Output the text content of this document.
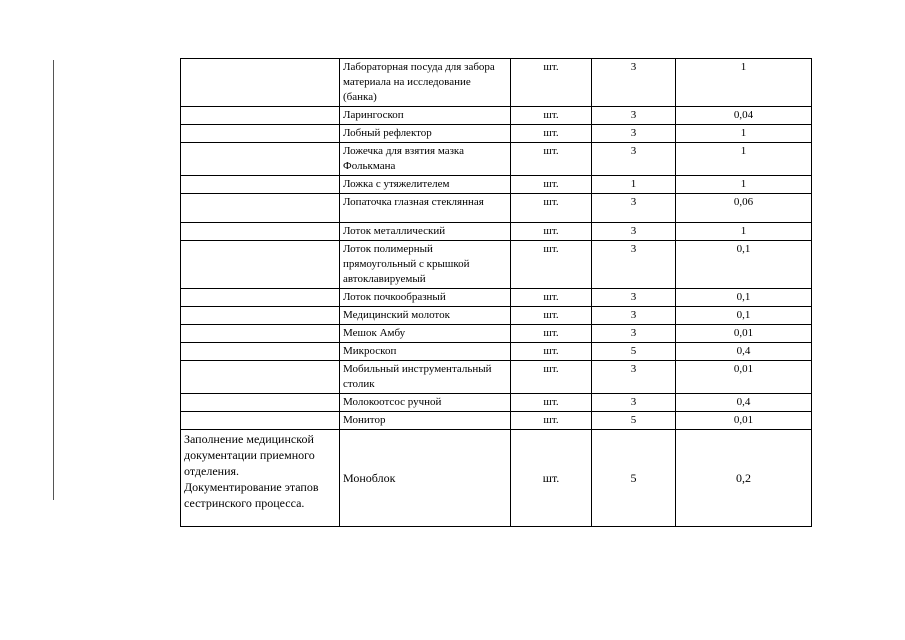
	Лабораторная посуда для забора материала на исследование (банка)	шт.	3	1
	Ларингоскоп	шт.	3	0,04
	Лобный рефлектор	шт.	3	1
	Ложечка для взятия мазка Фолькмана	шт.	3	1
	Ложка с утяжелителем	шт.	1	1
	Лопаточка глазная стеклянная	шт.	3	0,06
	Лоток металлический	шт.	3	1
	Лоток полимерный прямоугольный с крышкой автоклавируемый	шт.	3	0,1
	Лоток почкообразный	шт.	3	0,1
	Медицинский молоток	шт.	3	0,1
	Мешок Амбу	шт.	3	0,01
	Микроскоп	шт.	5	0,4
	Мобильный инструментальный столик	шт.	3	0,01
	Молокоотсос ручной	шт.	3	0,4
	Монитор	шт.	5	0,01
Заполнение медицинской документации приемного отделения. Документирование этапов сестринского процесса.	Моноблок	шт.	5	0,2
